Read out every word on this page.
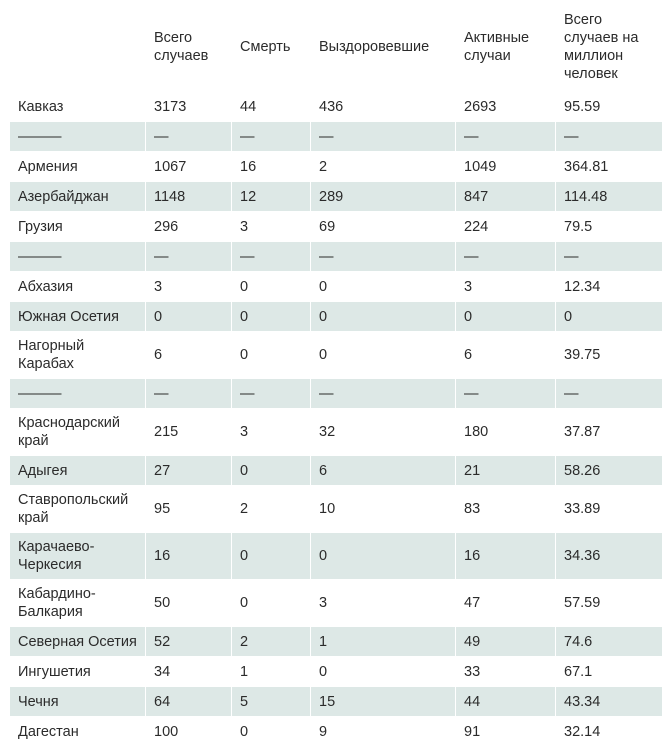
	Всего случаев	Смерть	Выздоровевшие	Активные случаи	Всего случаев на миллион человек
Кавказ	3173	44	436	2693	95.59
———	—	—	—	—	—
Армения	1067	16	2	1049	364.81
Азербайджан	1148	12	289	847	114.48
Грузия	296	3	69	224	79.5
———	—	—	—	—	—
Абхазия	3	0	0	3	12.34
Южная Осетия	0	0	0	0	0
Нагорный Карабах	6	0	0	6	39.75
———	—	—	—	—	—
Краснодарский край	215	3	32	180	37.87
Адыгея	27	0	6	21	58.26
Ставропольский край	95	2	10	83	33.89
Карачаево-Черкесия	16	0	0	16	34.36
Кабардино-Балкария	50	0	3	47	57.59
Северная Осетия	52	2	1	49	74.6
Ингушетия	34	1	0	33	67.1
Чечня	64	5	15	44	43.34
Дагестан	100	0	9	91	32.14
